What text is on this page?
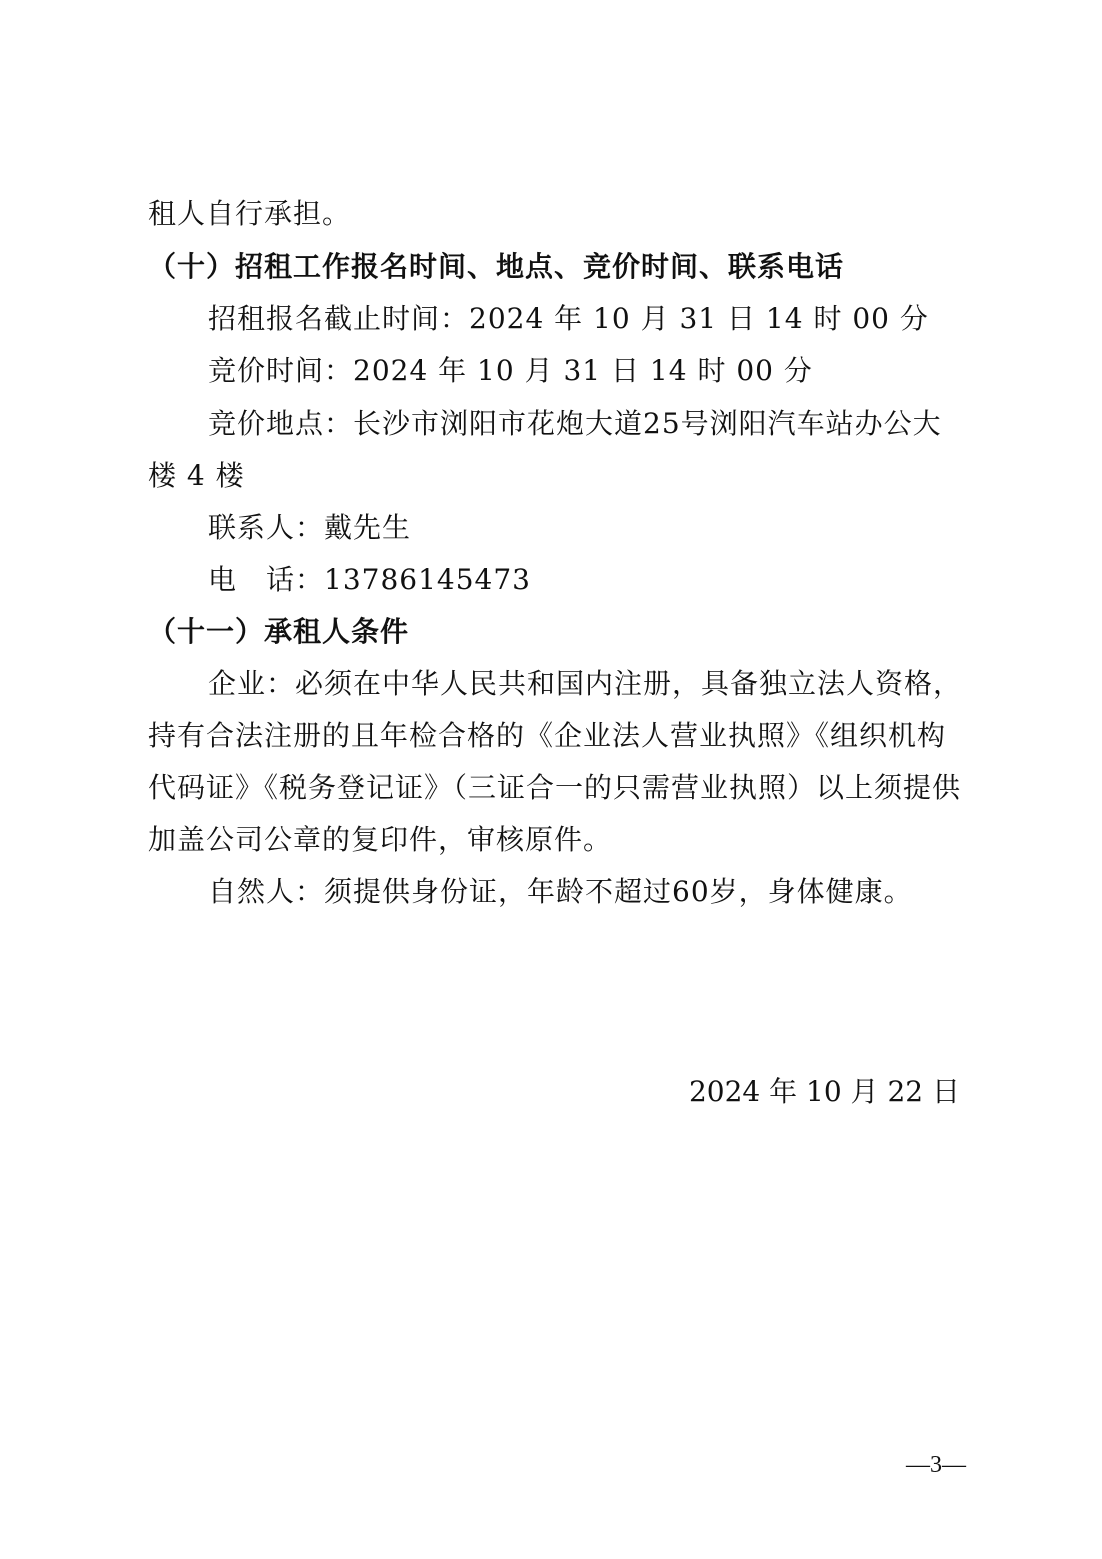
租人自行承担。
（十）招租工作报名时间、地点、竞价时间、联系电话
招租报名截止时间：2024 年 10 月 31 日 14 时 00 分
竞价时间：2024 年 10 月 31 日 14 时 00 分
竞价地点：长沙市浏阳市花炮大道25号浏阳汽车站办公大
楼 4 楼
联系人：戴先生
电　话：13786145473
（十一）承租人条件
企业：必须在中华人民共和国内注册，具备独立法人资格，
持有合法注册的且年检合格的《企业法人营业执照》《组织机构
代码证》《税务登记证》（三证合一的只需营业执照）以上须提供
加盖公司公章的复印件，审核原件。
自然人：须提供身份证，年龄不超过60岁，身体健康。
2024 年 10 月 22 日
—3—
